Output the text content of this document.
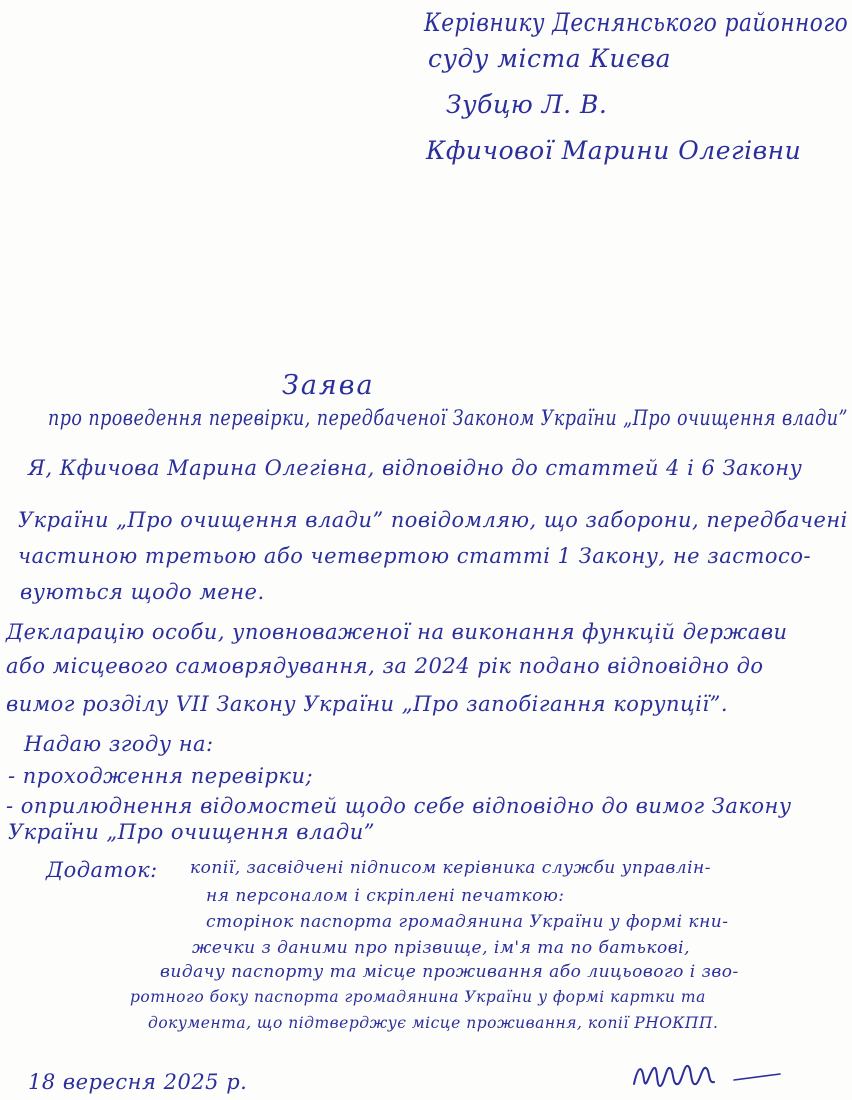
Керівнику Деснянського районного
суду міста Києва
Зубцю Л. В.
Кфичової Марини Олегівни
Заява
про проведення перевірки, передбаченої Законом України „Про очищення влади”
Я, Кфичова Марина Олегівна, відповідно до статтей 4 і 6 Закону
України „Про очищення влади” повідомляю, що заборони, передбачені
частиною третьою або четвертою статті 1 Закону, не застосо-
вуються щодо мене.
Декларацію особи, уповноваженої на виконання функцій держави
або місцевого самоврядування, за 2024 рік подано відповідно до
вимог розділу VII Закону України „Про запобігання корупції”.
Надаю згоду на:
- проходження перевірки;
- оприлюднення відомостей щодо себе відповідно до вимог Закону
України „Про очищення влади”
Додаток: копії, засвідчені підписом керівника служби управлін-
ня персоналом і скріплені печаткою:
сторінок паспорта громадянина України у формі кни-
жечки з даними про прізвище, ім'я та по батькові,
видачу паспорту та місце проживання або лицьового і зво-
ротного боку паспорта громадянина України у формі картки та
документа, що підтверджує місце проживання, копії РНОКПП.
18 вересня 2025 р.
